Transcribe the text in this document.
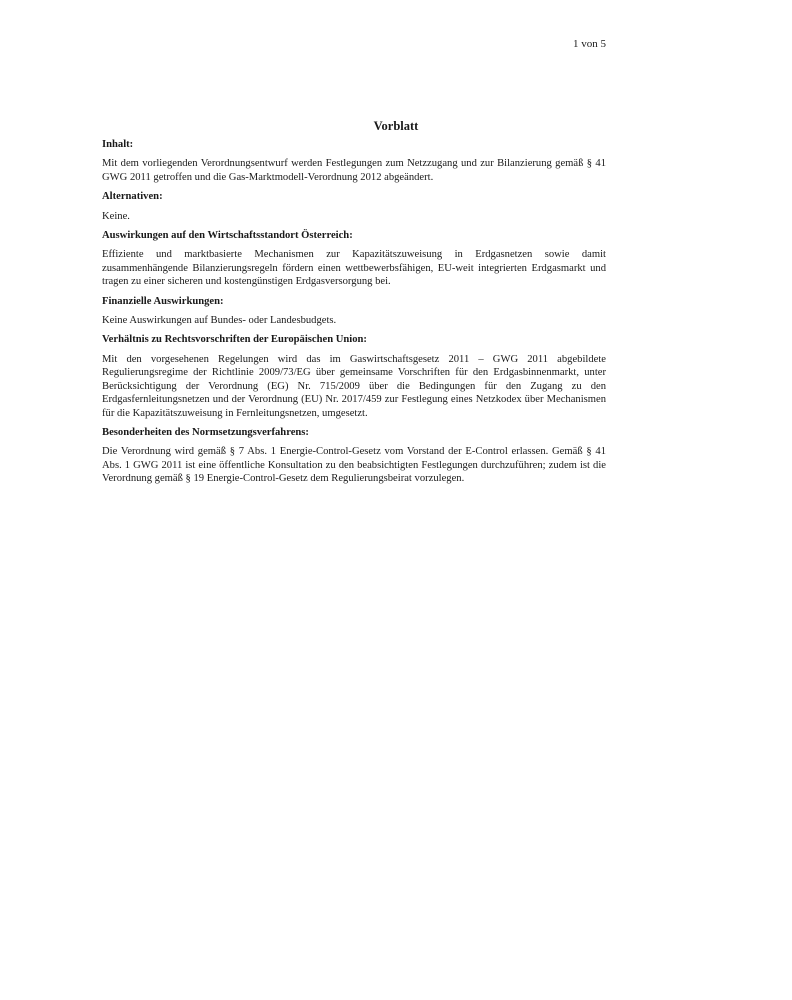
1 von 5
Vorblatt

Inhalt:

Mit dem vorliegenden Verordnungsentwurf werden Festlegungen zum Netzzugang und zur Bilanzierung gemäß § 41 GWG 2011 getroffen und die Gas-Marktmodell-Verordnung 2012 abgeändert.

Alternativen:

Keine.

Auswirkungen auf den Wirtschaftsstandort Österreich:

Effiziente und marktbasierte Mechanismen zur Kapazitätszuweisung in Erdgasnetzen sowie damit zusammenhängende Bilanzierungsregeln fördern einen wettbewerbsfähigen, EU-weit integrierten Erdgasmarkt und tragen zu einer sicheren und kostengünstigen Erdgasversorgung bei.

Finanzielle Auswirkungen:

Keine Auswirkungen auf Bundes- oder Landesbudgets.

Verhältnis zu Rechtsvorschriften der Europäischen Union:

Mit den vorgesehenen Regelungen wird das im Gaswirtschaftsgesetz 2011 – GWG 2011 abgebildete Regulierungsregime der Richtlinie 2009/73/EG über gemeinsame Vorschriften für den Erdgasbinnenmarkt, unter Berücksichtigung der Verordnung (EG) Nr. 715/2009 über die Bedingungen für den Zugang zu den Erdgasfernleitungsnetzen und der Verordnung (EU) Nr. 2017/459 zur Festlegung eines Netzkodex über Mechanismen für die Kapazitätszuweisung in Fernleitungsnetzen, umgesetzt.

Besonderheiten des Normsetzungsverfahrens:

Die Verordnung wird gemäß § 7 Abs. 1 Energie-Control-Gesetz vom Vorstand der E-Control erlassen. Gemäß § 41 Abs. 1 GWG 2011 ist eine öffentliche Konsultation zu den beabsichtigten Festlegungen durchzuführen; zudem ist die Verordnung gemäß § 19 Energie-Control-Gesetz dem Regulierungsbeirat vorzulegen.
